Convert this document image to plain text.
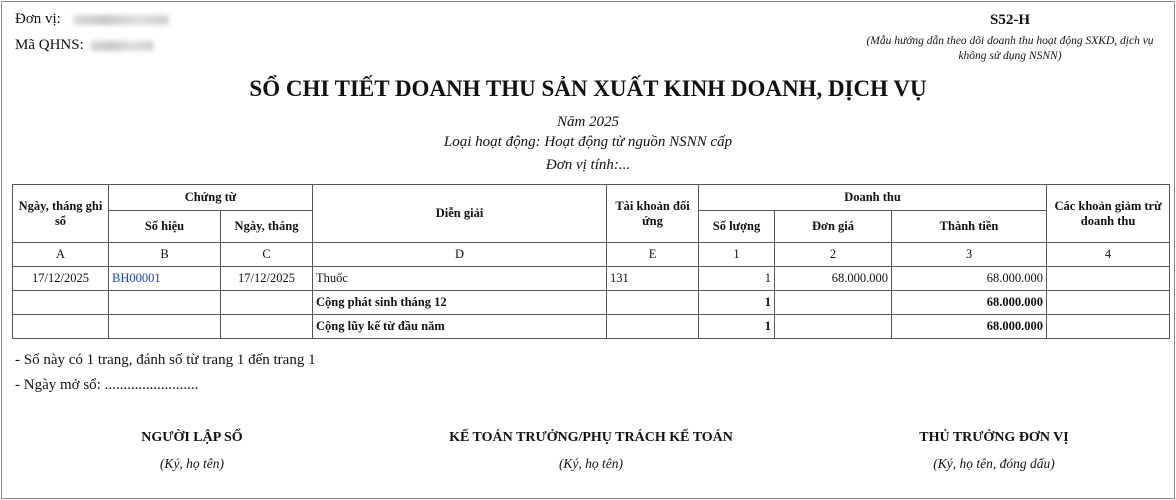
Đơn vị:
Mã QHNS:
S52-H
(Mẫu hướng dẫn theo dõi doanh thu hoạt động SXKD, dịch vụ không sử dụng NSNN)
SỔ CHI TIẾT DOANH THU SẢN XUẤT KINH DOANH, DỊCH VỤ
Năm 2025
Loại hoạt động: Hoạt động từ nguồn NSNN cấp
Đơn vị tính:...
Ngày, tháng ghi sổ	Chứng từ		Diễn giải	Tài khoản đối ứng	Doanh thu			Các khoản giảm trừ doanh thu
	Số hiệu	Ngày, tháng			Số lượng	Đơn giá	Thành tiền	
A	B	C	D	E	1	2	3	4
17/12/2025	BH00001	17/12/2025	Thuốc	131	1	68.000.000	68.000.000	
			Cộng phát sinh tháng 12		1		68.000.000	
			Cộng lũy kế từ đầu năm		1		68.000.000	
- Sổ này có 1 trang, đánh số từ trang 1 đến trang 1
- Ngày mở sổ: .........................
NGƯỜI LẬP SỔ
(Ký, họ tên)
KẾ TOÁN TRƯỞNG/PHỤ TRÁCH KẾ TOÁN
(Ký, họ tên)
THỦ TRƯỞNG ĐƠN VỊ
(Ký, họ tên, đóng dấu)
